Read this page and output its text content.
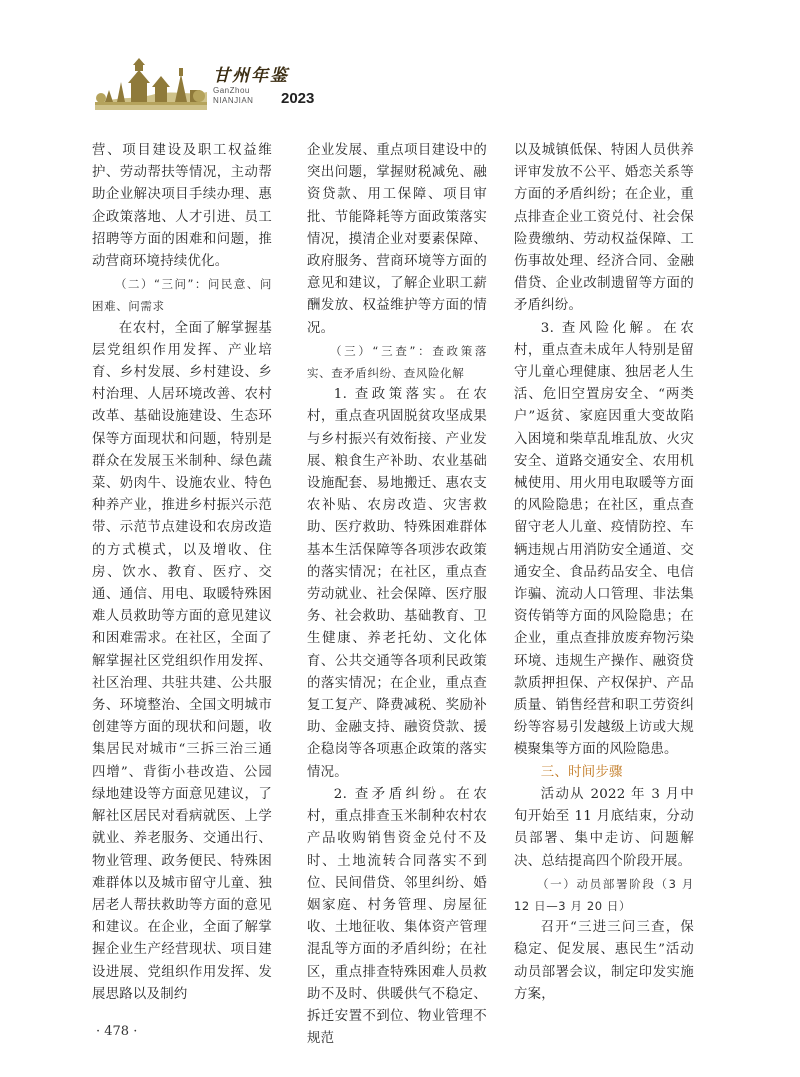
甘州年鉴
GanZhou
NIANJIAN	2023

营、项目建设及职工权益维护、劳动帮扶等情况，主动帮助企业解决项目手续办理、惠企政策落地、人才引进、员工招聘等方面的困难和问题，推动营商环境持续优化。

（二）“三问”：问民意、问困难、问需求

在农村，全面了解掌握基层党组织作用发挥、产业培育、乡村发展、乡村建设、乡村治理、人居环境改善、农村改革、基础设施建设、生态环保等方面现状和问题，特别是群众在发展玉米制种、绿色蔬菜、奶肉牛、设施农业、特色种养产业，推进乡村振兴示范带、示范节点建设和农房改造的方式模式，以及增收、住房、饮水、教育、医疗、交通、通信、用电、取暖特殊困难人员救助等方面的意见建议和困难需求。在社区，全面了解掌握社区党组织作用发挥、社区治理、共驻共建、公共服务、环境整治、全国文明城市创建等方面的现状和问题，收集居民对城市“三拆三治三通四增”、背街小巷改造、公园绿地建设等方面意见建议，了解社区居民对看病就医、上学就业、养老服务、交通出行、物业管理、政务便民、特殊困难群体以及城市留守儿童、独居老人帮扶救助等方面的意见和建议。在企业，全面了解掌握企业生产经营现状、项目建设进展、党组织作用发挥、发展思路以及制约

企业发展、重点项目建设中的突出问题，掌握财税减免、融资贷款、用工保障、项目审批、节能降耗等方面政策落实情况，摸清企业对要素保障、政府服务、营商环境等方面的意见和建议，了解企业职工薪酬发放、权益维护等方面的情况。

（三）“三查”：查政策落实、查矛盾纠纷、查风险化解

1. 查政策落实。在农村，重点查巩固脱贫攻坚成果与乡村振兴有效衔接、产业发展、粮食生产补助、农业基础设施配套、易地搬迁、惠农支农补贴、农房改造、灾害救助、医疗救助、特殊困难群体基本生活保障等各项涉农政策的落实情况；在社区，重点查劳动就业、社会保障、医疗服务、社会救助、基础教育、卫生健康、养老托幼、文化体育、公共交通等各项利民政策的落实情况；在企业，重点查复工复产、降费减税、奖励补助、金融支持、融资贷款、援企稳岗等各项惠企政策的落实情况。

2. 查矛盾纠纷。在农村，重点排查玉米制种农村农产品收购销售资金兑付不及时、土地流转合同落实不到位、民间借贷、邻里纠纷、婚姻家庭、村务管理、房屋征收、土地征收、集体资产管理混乱等方面的矛盾纠纷；在社区，重点排查特殊困难人员救助不及时、供暖供气不稳定、拆迁安置不到位、物业管理不规范

以及城镇低保、特困人员供养评审发放不公平、婚恋关系等方面的矛盾纠纷；在企业，重点排查企业工资兑付、社会保险费缴纳、劳动权益保障、工伤事故处理、经济合同、金融借贷、企业改制遗留等方面的矛盾纠纷。

3. 查风险化解。在农村，重点查未成年人特别是留守儿童心理健康、独居老人生活、危旧空置房安全、“两类户”返贫、家庭因重大变故陷入困境和柴草乱堆乱放、火灾安全、道路交通安全、农用机械使用、用火用电取暖等方面的风险隐患；在社区，重点查留守老人儿童、疫情防控、车辆违规占用消防安全通道、交通安全、食品药品安全、电信诈骗、流动人口管理、非法集资传销等方面的风险隐患；在企业，重点查排放废弃物污染环境、违规生产操作、融资贷款质押担保、产权保护、产品质量、销售经营和职工劳资纠纷等容易引发越级上访或大规模聚集等方面的风险隐患。

三、时间步骤

活动从 2022 年 3 月中旬开始至 11 月底结束，分动员部署、集中走访、问题解决、总结提高四个阶段开展。

（一）动员部署阶段（3 月 12 日—3 月 20 日）

召开“三进三问三查，保稳定、促发展、惠民生”活动动员部署会议，制定印发实施方案，

· 478 ·
